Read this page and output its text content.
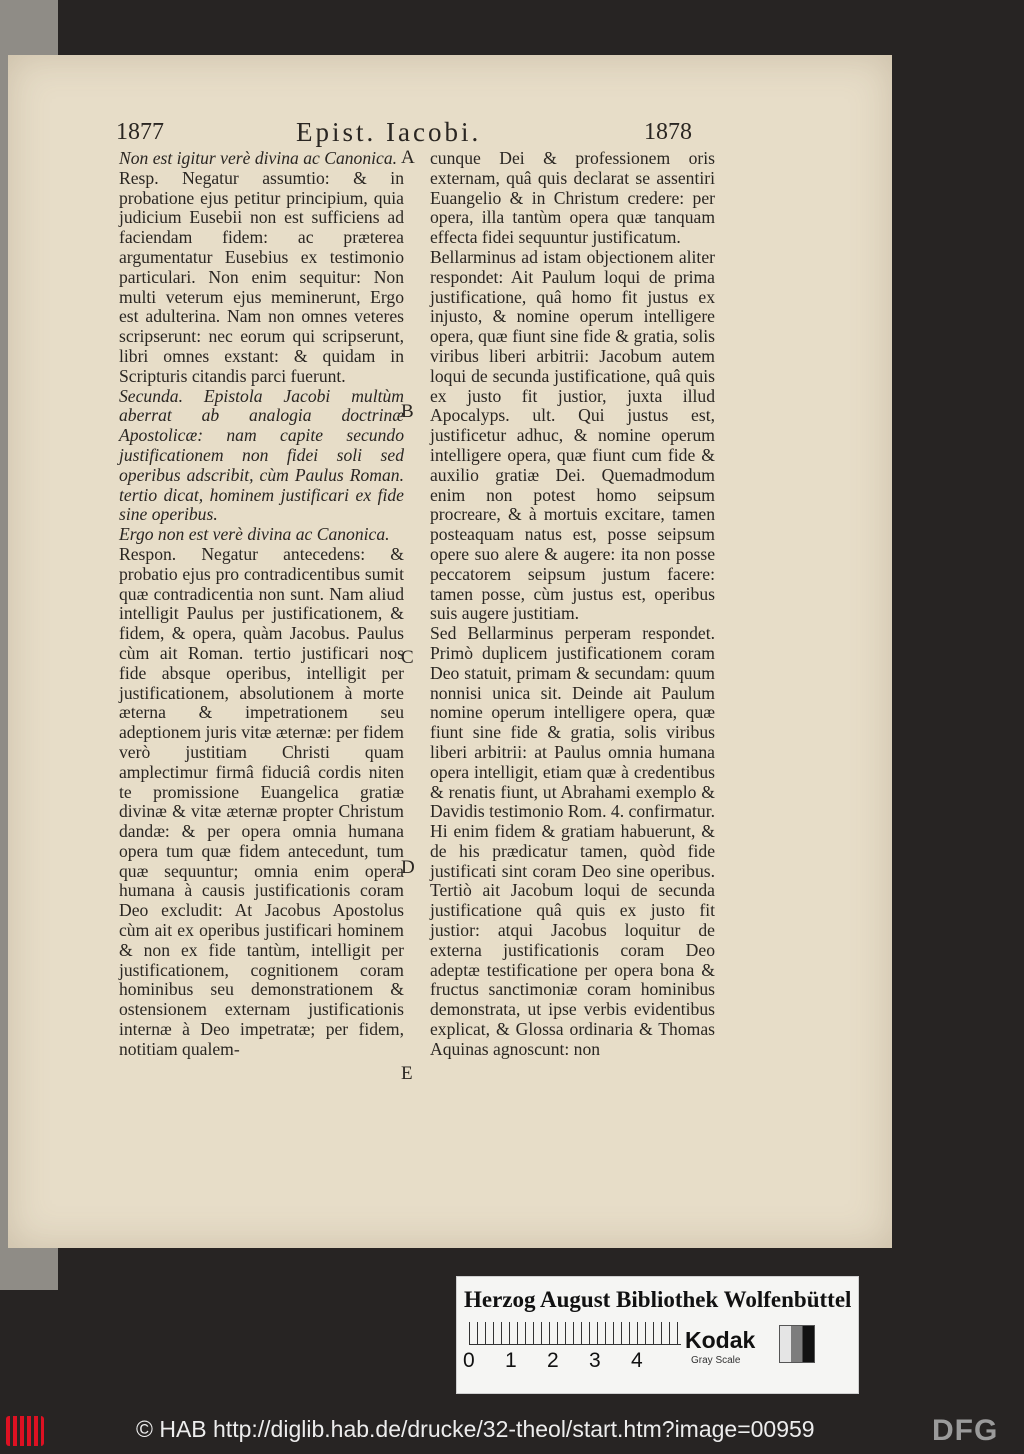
1877	Epist. Iacobi.	1878

Non est igitur verè divina ac Canonica.

Resp. Negatur assumtio: & in probatione ejus petitur principium, quia judicium Eusebii non est sufficiens ad faciendam fidem: ac præterea argumentatur Eusebius ex testimonio particulari. Non enim sequitur: Non multi veterum ejus meminerunt, Ergo est adulterina. Nam non omnes veteres scripserunt: nec eorum qui scripserunt, libri omnes exstant: & quidam in Scripturis citandis parci fuerunt.

Secunda. Epistola Jacobi multùm aberrat ab analogia doctrinæ Apostolicæ: nam capite secundo justificationem non fidei soli sed operibus adscribit, cùm Paulus Roman. tertio dicat, hominem justificari ex fide sine operibus.

Ergo non est verè divina ac Canonica.

Respon. Negatur antecedens: & probatio ejus pro contradicentibus sumit quæ contradicentia non sunt. Nam aliud intelligit Paulus per justificationem, & fidem, & opera, quàm Jacobus. Paulus cùm ait Roman. tertio justificari nos fide absque operibus, intelligit per justificationem, absolutionem à morte æterna & impetrationem seu adeptionem juris vitæ æternæ: per fidem verò justitiam Christi quam amplectimur firmâ fiduciâ cordis niten te promissione Euangelica gratiæ divinæ & vitæ æternæ propter Christum dandæ: & per opera omnia humana opera tum quæ fidem antecedunt, tum quæ sequuntur; omnia enim opera humana à causis justificationis coram Deo excludit: At Jacobus Apostolus cùm ait ex operibus justificari hominem & non ex fide tantùm, intelligit per justificationem, cognitionem coram hominibus seu demonstrationem & ostensionem externam justificationis internæ à Deo impetratæ; per fidem, notitiam qualem-

A
B
C
D
E

cunque Dei & professionem oris externam, quâ quis declarat se assentiri Euangelio & in Christum credere: per opera, illa tantùm opera quæ tanquam effecta fidei sequuntur justificatum.

Bellarminus ad istam objectionem aliter respondet: Ait Paulum loqui de prima justificatione, quâ homo fit justus ex injusto, & nomine operum intelligere opera, quæ fiunt sine fide & gratia, solis viribus liberi arbitrii: Jacobum autem loqui de secunda justificatione, quâ quis ex justo fit justior, juxta illud Apocalyps. ult. Qui justus est, justificetur adhuc, & nomine operum intelligere opera, quæ fiunt cum fide & auxilio gratiæ Dei. Quemadmodum enim non potest homo seipsum procreare, & à mortuis excitare, tamen posteaquam natus est, posse seipsum opere suo alere & augere: ita non posse peccatorem seipsum justum facere: tamen posse, cùm justus est, operibus suis augere justitiam.

Sed Bellarminus perperam respondet. Primò duplicem justificationem coram Deo statuit, primam & secundam: quum nonnisi unica sit. Deinde ait Paulum nomine operum intelligere opera, quæ fiunt sine fide & gratia, solis viribus liberi arbitrii: at Paulus omnia humana opera intelligit, etiam quæ à credentibus & renatis fiunt, ut Abrahami exemplo & Davidis testimonio Rom. 4. confirmatur. Hi enim fidem & gratiam habuerunt, & de his prædicatur tamen, quòd fide justificati sint coram Deo sine operibus. Tertiò ait Jacobum loqui de secunda justificatione quâ quis ex justo fit justior: atqui Jacobus loquitur de externa justificationis coram Deo adeptæ testificatione per opera bona & fructus sanctimoniæ coram hominibus demonstrata, ut ipse verbis evidentibus explicat, & Glossa ordinaria & Thomas Aquinas agnoscunt: non

Herzog August Bibliothek Wolfenbüttel
0 1 2 3 4
Kodak
Gray Scale
© HAB http://diglib.hab.de/drucke/32-theol/start.htm?image=00959	DFG
